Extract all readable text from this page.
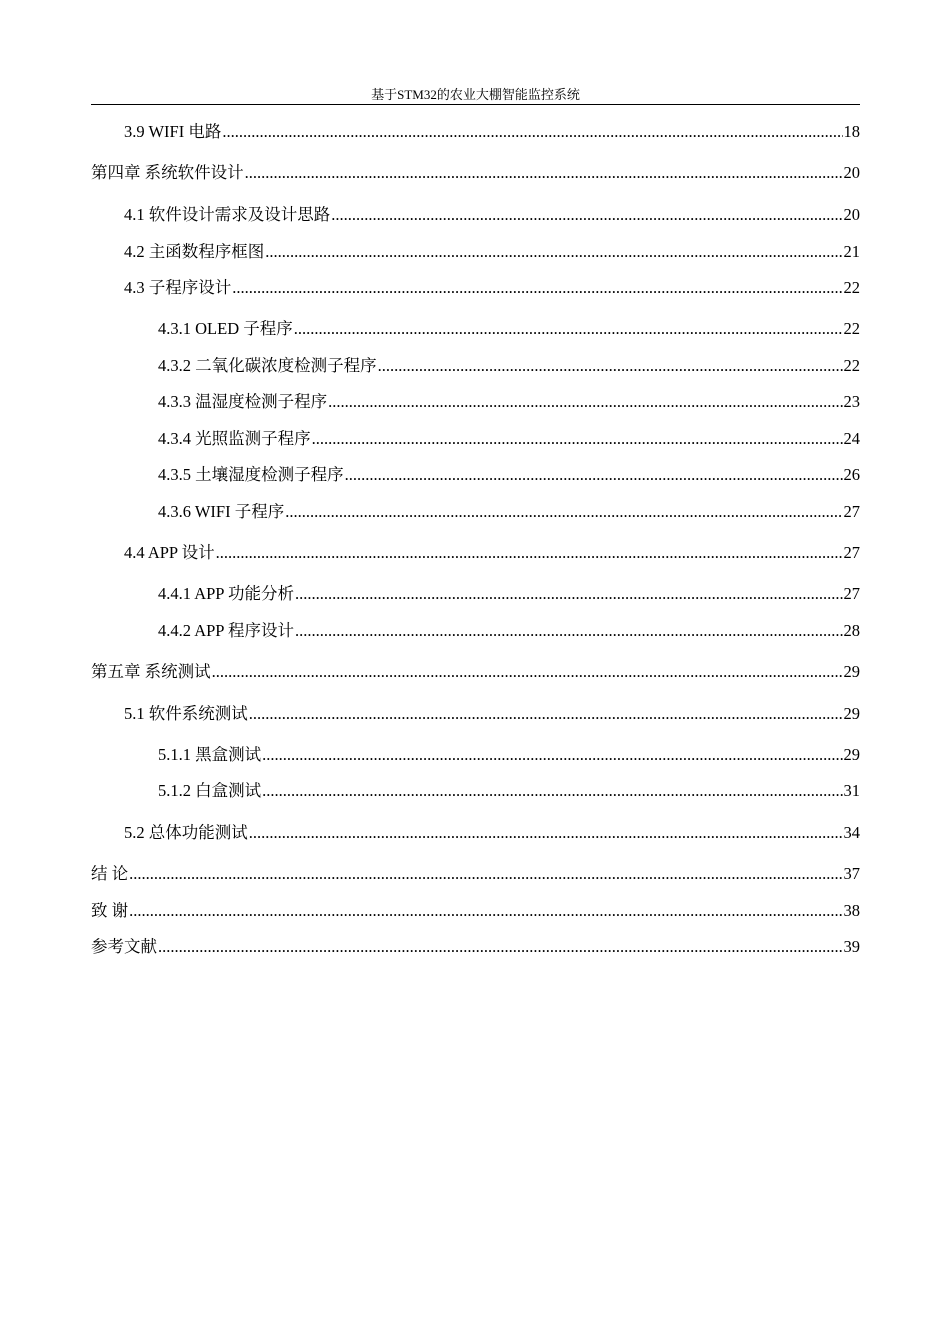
基于STM32的农业大棚智能监控系统
3.9 WIFI 电路 .....	18
第四章 系统软件设计 .....	20
4.1 软件设计需求及设计思路 .....	20
4.2 主函数程序框图 .....	21
4.3 子程序设计 .....	22
4.3.1 OLED 子程序 .....	22
4.3.2 二氧化碳浓度检测子程序 .....	22
4.3.3 温湿度检测子程序 .....	23
4.3.4 光照监测子程序 .....	24
4.3.5 土壤湿度检测子程序 .....	26
4.3.6 WIFI 子程序 .....	27
4.4 APP 设计 .....	27
4.4.1 APP 功能分析 .....	27
4.4.2 APP 程序设计 .....	28
第五章 系统测试 .....	29
5.1 软件系统测试 .....	29
5.1.1 黑盒测试 .....	29
5.1.2 白盒测试 .....	31
5.2 总体功能测试 .....	34
结 论 .....	37
致 谢 .....	38
参考文献 .....	39
